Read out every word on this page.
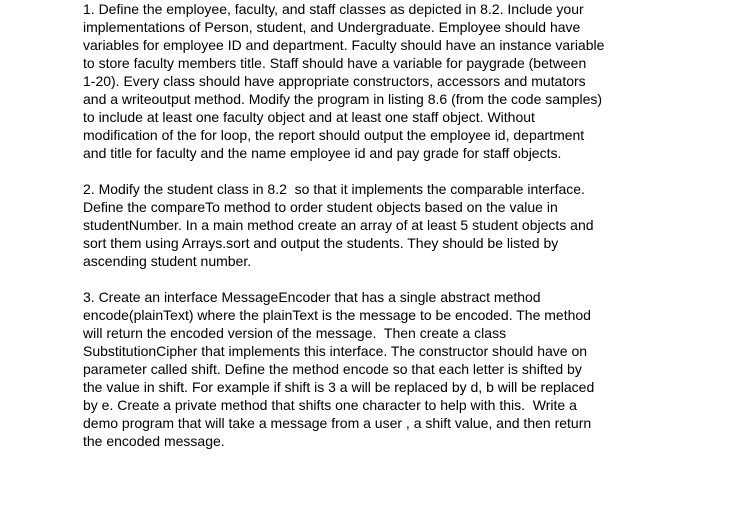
1. Define the employee, faculty, and staff classes as depicted in 8.2. Include your
implementations of Person, student, and Undergraduate. Employee should have
variables for employee ID and department. Faculty should have an instance variable
to store faculty members title. Staff should have a variable for paygrade (between
1-20). Every class should have appropriate constructors, accessors and mutators
and a writeoutput method. Modify the program in listing 8.6 (from the code samples)
to include at least one faculty object and at least one staff object. Without
modification of the for loop, the report should output the employee id, department
and title for faculty and the name employee id and pay grade for staff objects.
2. Modify the student class in 8.2  so that it implements the comparable interface.
Define the compareTo method to order student objects based on the value in
studentNumber. In a main method create an array of at least 5 student objects and
sort them using Arrays.sort and output the students. They should be listed by
ascending student number.
3. Create an interface MessageEncoder that has a single abstract method
encode(plainText) where the plainText is the message to be encoded. The method
will return the encoded version of the message.  Then create a class
SubstitutionCipher that implements this interface. The constructor should have on
parameter called shift. Define the method encode so that each letter is shifted by
the value in shift. For example if shift is 3 a will be replaced by d, b will be replaced
by e. Create a private method that shifts one character to help with this.  Write a
demo program that will take a message from a user , a shift value, and then return
the encoded message.
